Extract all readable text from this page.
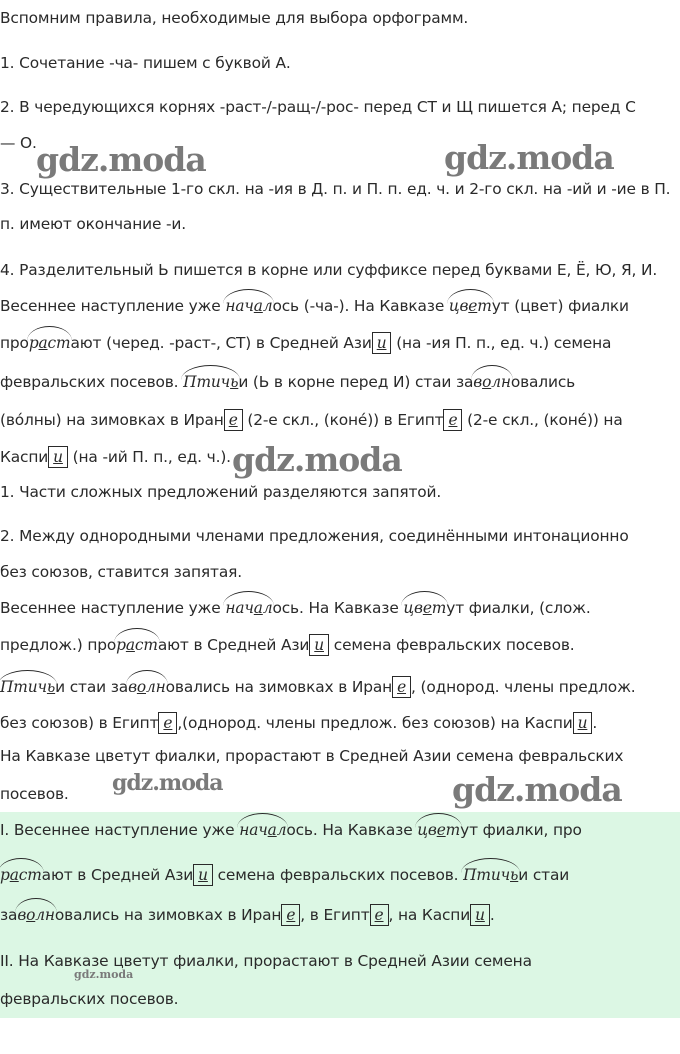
Вспомним правила, необходимые для выбора орфограмм.

1. Сочетание -ча- пишем с буквой А.

2. В чередующихся корнях -раст-/-ращ-/-рос- перед СТ и Щ пишется А; перед С

— О.

3. Существительные 1-го скл. на -ия в Д. п. и П. п. ед. ч. и 2-го скл. на -ий и -ие в П.

п. имеют окончание -и.

4. Разделительный Ь пишется в корне или суффиксе перед буквами Е, Ё, Ю, Я, И.

Весеннее наступление уже началось (-ча-). На Кавказе цветут (цвет) фиалки

прорастают (черед. -раст-, СТ) в Средней Ази и (на -ия П. п., ед. ч.) семена

февральских посевов. Птичьи (Ь в корне перед И) стаи заволновались

(вóлны) на зимовках в Иран е (2-е скл., (конé)) в Египт е (2-е скл., (конé)) на

Каспи и (на -ий П. п., ед. ч.).

1. Части сложных предложений разделяются запятой.

2. Между однородными членами предложения, соединёнными интонационно

без союзов, ставится запятая.

Весеннее наступление уже началось. На Кавказе цветут фиалки, (слож.

предлож.) прорастают в Средней Ази и семена февральских посевов.

Птичьи стаи заволновались на зимовках в Иран е , (однород. члены предлож.

без союзов) в Египт е ,(однород. члены предлож. без союзов) на Каспи и .

На Кавказе цветут фиалки, прорастают в Средней Азии семена февральских

посевов.

I. Весеннее наступление уже началось. На Кавказе цветут фиалки, про

растают в Средней Ази и семена февральских посевов. Птичьи стаи

заволновались на зимовках в Иран е , в Египт е , на Каспи и .

II. На Кавказе цветут фиалки, прорастают в Средней Азии семена

февральских посевов.

gdz.moda	gdz.moda
gdz.moda
gdz.moda	gdz.moda
gdz.moda
